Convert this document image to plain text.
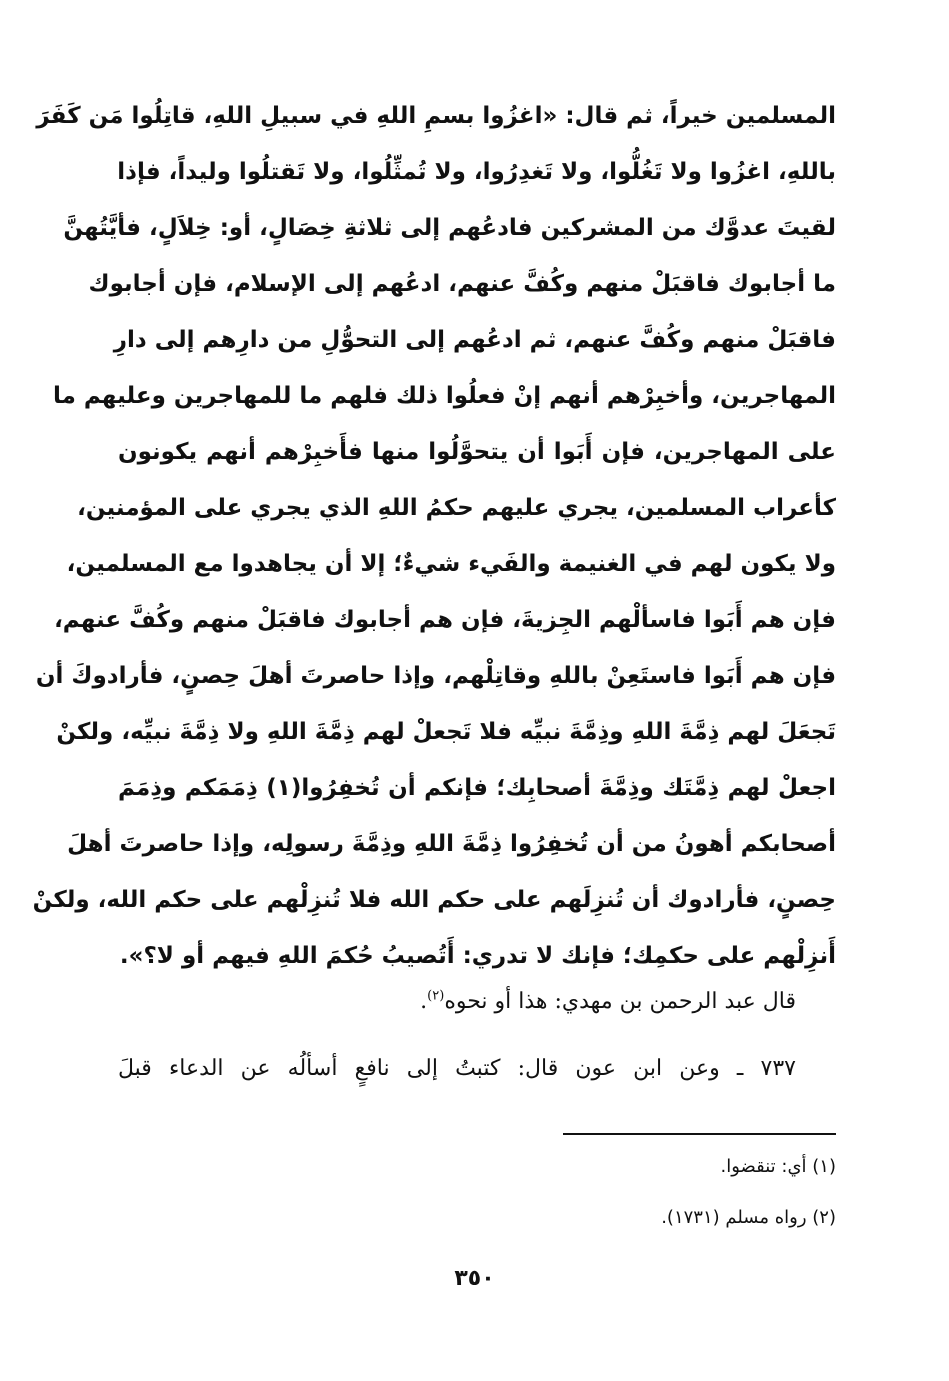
المسلمين خيراً، ثم قال: «اغزُوا بسمِ اللهِ في سبيلِ اللهِ، قاتِلُوا مَن كَفَرَ
باللهِ، اغزُوا ولا تَغُلُّوا، ولا تَغدِرُوا، ولا تُمثِّلُوا، ولا تَقتلُوا وليداً، فإذا
لقيتَ عدوَّك من المشركين فادعُهم إلى ثلاثةِ خِصَالٍ، أو: خِلاَلٍ، فأيَّتُهنَّ
ما أجابوك فاقبَلْ منهم وكُفَّ عنهم، ادعُهم إلى الإسلام، فإن أجابوك
فاقبَلْ منهم وكُفَّ عنهم، ثم ادعُهم إلى التحوُّلِ من دارِهم إلى دارِ
المهاجرين، وأخبِرْهم أنهم إنْ فعلُوا ذلك فلهم ما للمهاجرين وعليهم ما
على المهاجرين، فإن أَبَوا أن يتحوَّلُوا منها فأَخبِرْهم أنهم يكونون
كأعراب المسلمين، يجري عليهم حكمُ اللهِ الذي يجري على المؤمنين،
ولا يكون لهم في الغنيمة والفَيء شيءٌ؛ إلا أن يجاهدوا مع المسلمين،
فإن هم أَبَوا فاسألْهم الجِزيةَ، فإن هم أجابوك فاقبَلْ منهم وكُفَّ عنهم،
فإن هم أَبَوا فاستَعِنْ باللهِ وقاتِلْهم، وإذا حاصرتَ أهلَ حِصنٍ، فأرادوكَ أن
تَجعَلَ لهم ذِمَّةَ اللهِ وذِمَّةَ نبيِّه فلا تَجعلْ لهم ذِمَّةَ اللهِ ولا ذِمَّةَ نبيِّه، ولكنْ
اجعلْ لهم ذِمَّتَك وذِمَّةَ أصحابِك؛ فإنكم أن تُخفِرُوا(١) ذِمَمَكم وذِمَمَ
أصحابكم أهونُ من أن تُخفِرُوا ذِمَّةَ اللهِ وذِمَّةَ رسولِه، وإذا حاصرتَ أهلَ
حِصنٍ، فأرادوك أن تُنزِلَهم على حكم الله فلا تُنزِلْهم على حكم الله، ولكنْ
أَنزِلْهم على حكمِك؛ فإنك لا تدري: أَتُصيبُ حُكمَ اللهِ فيهم أو لا؟».
قال عبد الرحمن بن مهدي: هذا أو نحوه$^{(٢)}$.
٧٣٧ ـ وعن ابن عون قال: كتبتُ إلى نافعٍ أسألُه عن الدعاء قبلَ
(١) أي: تنقضوا.
(٢) رواه مسلم (١٧٣١).
٣٥٠
